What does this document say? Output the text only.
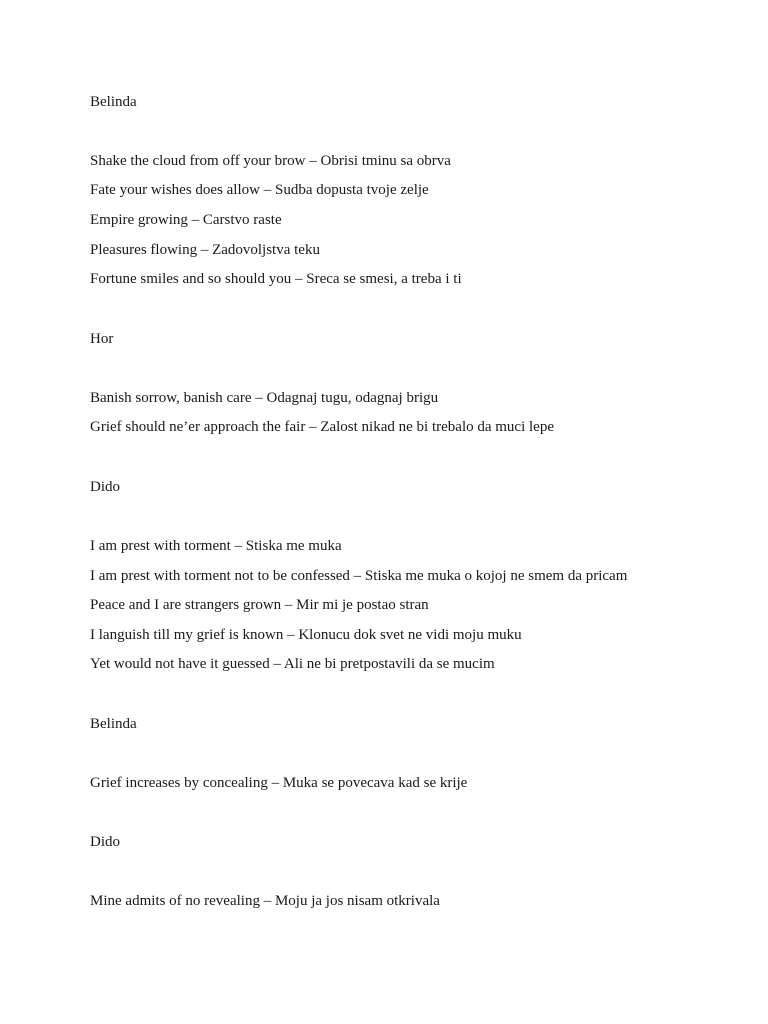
Belinda
Shake the cloud from off your brow – Obrisi tminu sa obrva
Fate your wishes does allow – Sudba dopusta tvoje zelje
Empire growing – Carstvo raste
Pleasures flowing – Zadovoljstva teku
Fortune smiles and so should you – Sreca se smesi, a treba i ti
Hor
Banish sorrow, banish care – Odagnaj tugu, odagnaj brigu
Grief should ne’er approach the fair – Zalost nikad ne bi trebalo da muci lepe
Dido
I am prest with torment – Stiska me muka
I am prest with torment not to be confessed – Stiska me muka o kojoj ne smem da pricam
Peace and I are strangers grown – Mir mi je postao stran
I languish till my grief is known – Klonucu dok svet ne vidi moju muku
Yet would not have it guessed – Ali ne bi pretpostavili da se mucim
Belinda
Grief increases by concealing – Muka se povecava kad se krije
Dido
Mine admits of no revealing – Moju ja jos nisam otkrivala
